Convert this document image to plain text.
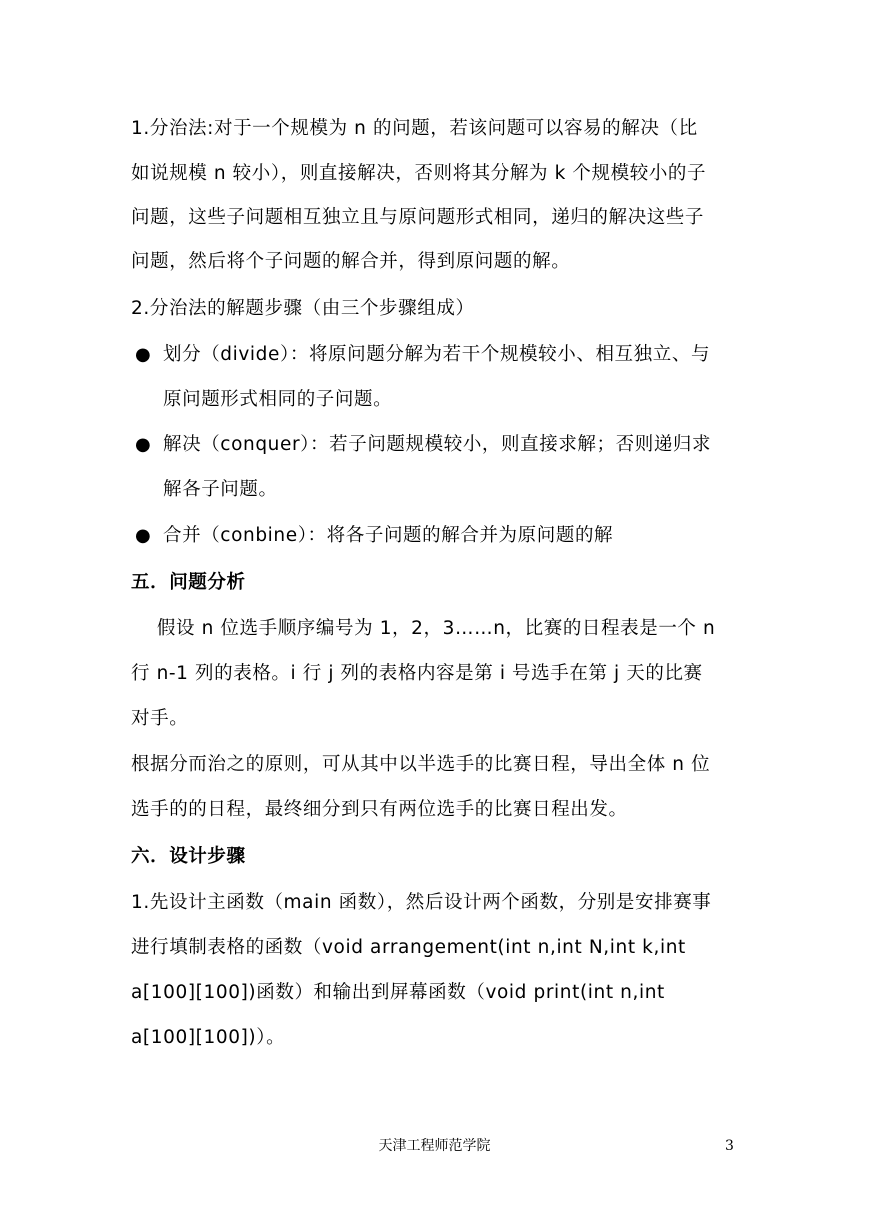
1.分治法:对于一个规模为 n 的问题，若该问题可以容易的解决（比
如说规模 n 较小），则直接解决，否则将其分解为 k 个规模较小的子
问题，这些子问题相互独立且与原问题形式相同，递归的解决这些子
问题，然后将个子问题的解合并，得到原问题的解。
2.分治法的解题步骤（由三个步骤组成）
● 划分（divide）：将原问题分解为若干个规模较小、相互独立、与
原问题形式相同的子问题。
● 解决（conquer）：若子问题规模较小，则直接求解；否则递归求
解各子问题。
● 合并（conbine）：将各子问题的解合并为原问题的解
五．问题分析
假设 n 位选手顺序编号为 1，2，3……n，比赛的日程表是一个 n
行 n-1 列的表格。i 行 j 列的表格内容是第 i 号选手在第 j 天的比赛
对手。
根据分而治之的原则，可从其中以半选手的比赛日程，导出全体 n 位
选手的的日程，最终细分到只有两位选手的比赛日程出发。
六．设计步骤
1.先设计主函数（main 函数），然后设计两个函数，分别是安排赛事
进行填制表格的函数（void arrangement(int n,int N,int k,int
a[100][100])函数）和输出到屏幕函数（void print(int n,int
a[100][100])）。
天津工程师范学院	3
